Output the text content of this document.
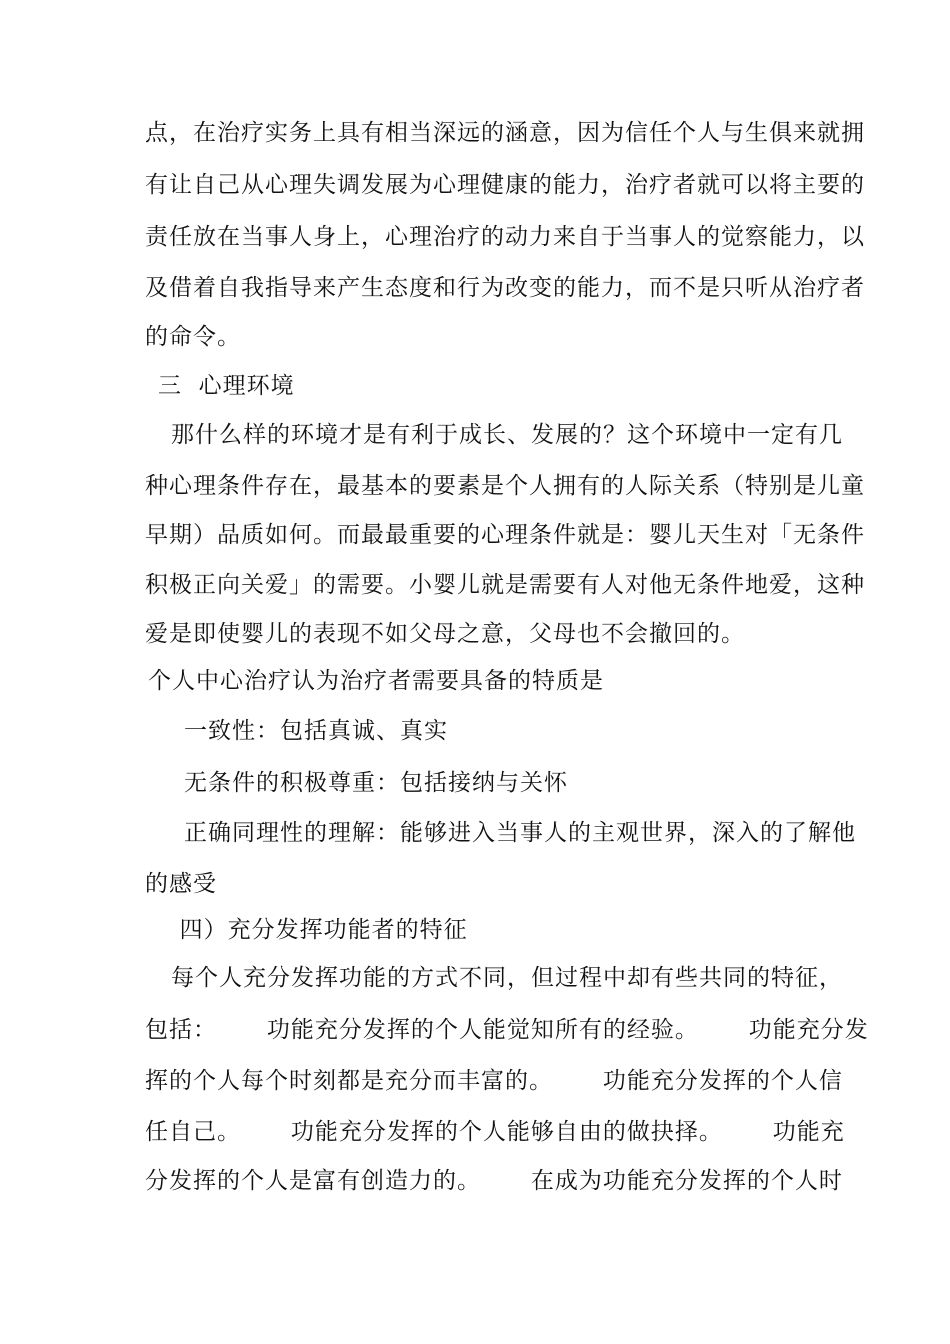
点，在治疗实务上具有相当深远的涵意，因为信任个人与生俱来就拥
有让自己从心理失调发展为心理健康的能力，治疗者就可以将主要的
责任放在当事人身上，心理治疗的动力来自于当事人的觉察能力，以
及借着自我指导来产生态度和行为改变的能力，而不是只听从治疗者
的命令。
三  心理环境
那什么样的环境才是有利于成长、发展的？这个环境中一定有几
种心理条件存在，最基本的要素是个人拥有的人际关系（特别是儿童
早期）品质如何。而最最重要的心理条件就是：婴儿天生对「无条件
积极正向关爱」的需要。小婴儿就是需要有人对他无条件地爱，这种
爱是即使婴儿的表现不如父母之意，父母也不会撤回的。
个人中心治疗认为治疗者需要具备的特质是
一致性：包括真诚、真实
无条件的积极尊重：包括接纳与关怀
正确同理性的理解：能够进入当事人的主观世界，深入的了解他
的感受
四）充分发挥功能者的特征
每个人充分发挥功能的方式不同，但过程中却有些共同的特征，
包括：      功能充分发挥的个人能觉知所有的经验。      功能充分发
挥的个人每个时刻都是充分而丰富的。      功能充分发挥的个人信
任自己。      功能充分发挥的个人能够自由的做抉择。      功能充
分发挥的个人是富有创造力的。      在成为功能充分发挥的个人时
